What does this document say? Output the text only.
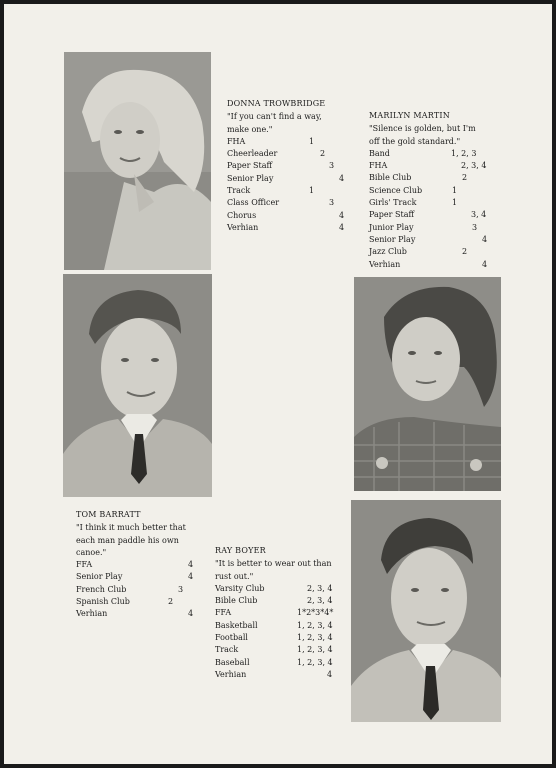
DONNA TROWBRIDGE
"If you can't find a way,
make one."
FHA	1
Cheerleader	2
Paper Staff	3
Senior Play	4
Track	1
Class Officer	3
Chorus	4
Verhian	4
MARILYN MARTIN
"Silence is golden, but I'm
off the gold standard."
Band	1, 2, 3
FHA	2, 3, 4
Bible Club	2
Science Club	1
Girls' Track	1
Paper Staff	3, 4
Junior Play	3
Senior Play	4
Jazz Club	2
Verhian	4
TOM BARRATT
"I think it much better that
each man paddle his own
canoe."
FFA	4
Senior Play	4
French Club	3
Spanish Club	2
Verhian	4
RAY BOYER
"It is better to wear out than
rust out."
Varsity Club	2, 3, 4
Bible Club	2, 3, 4
FFA	1*2*3*4*
Basketball	1, 2, 3, 4
Football	1, 2, 3, 4
Track	1, 2, 3, 4
Baseball	1, 2, 3, 4
Verhian	4
